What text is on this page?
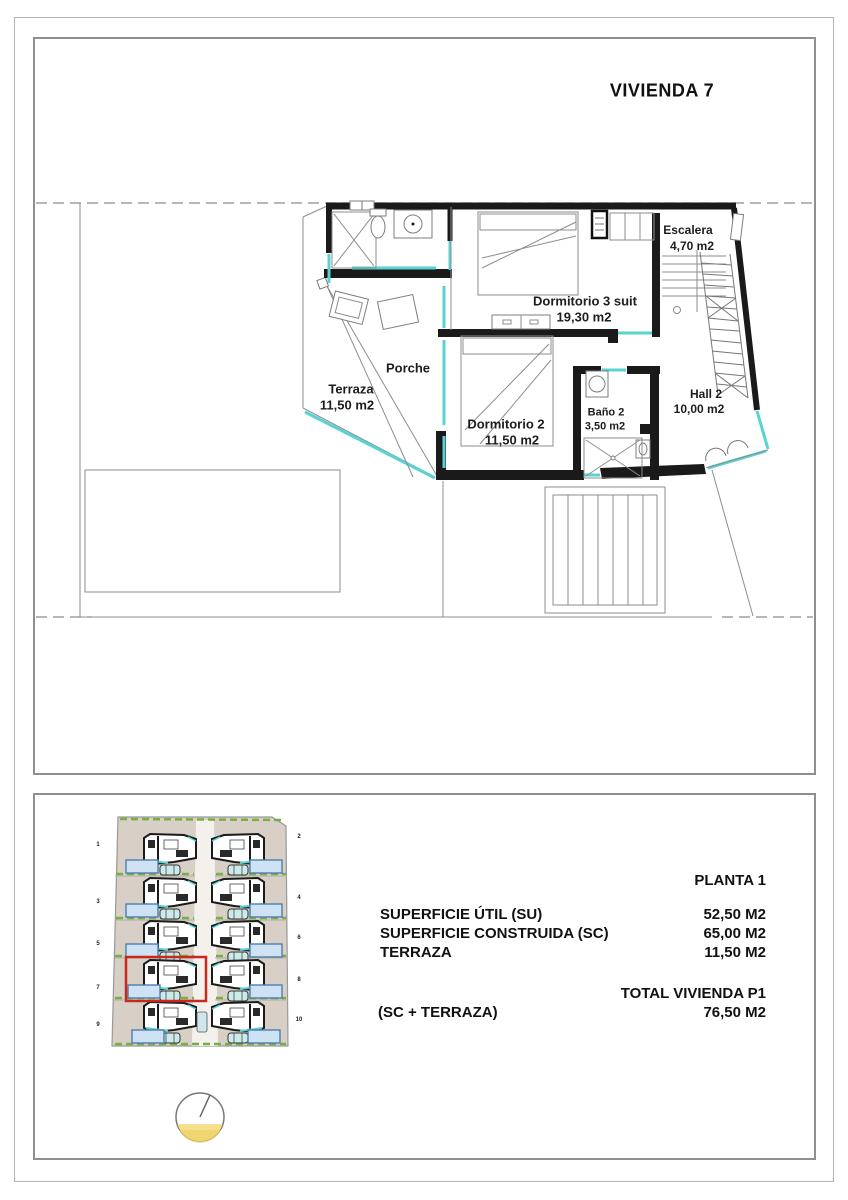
VIVIENDA 7
Escalera
4,70 m2
Dormitorio 3 suit
19,30 m2
Porche
Terraza
11,50 m2
Dormitorio 2
11,50 m2
Baño 2
3,50 m2
Hall 2
10,00 m2
PLANTA 1
SUPERFICIE ÚTIL (SU)	52,50 M2
SUPERFICIE CONSTRUIDA (SC)	65,00 M2
TERRAZA	11,50 M2
TOTAL VIVIENDA P1
(SC + TERRAZA)	76,50 M2
1
3
5
7
9
2
4
6
8
10
